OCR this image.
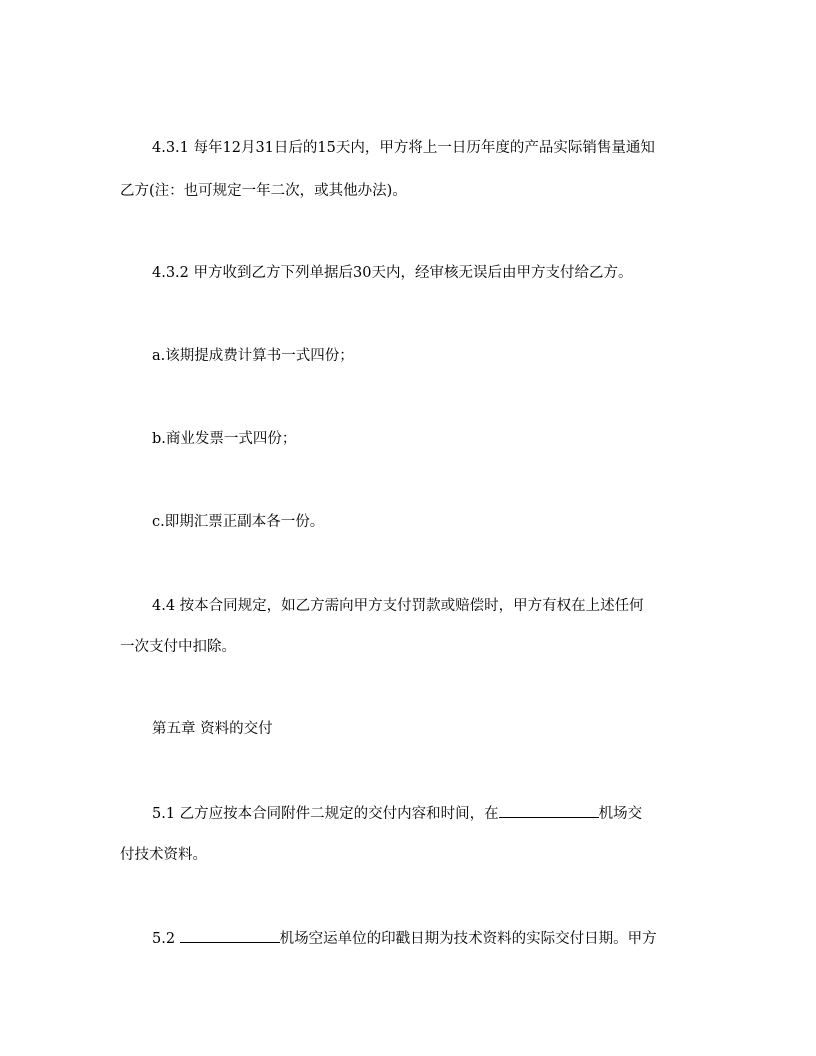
4.3.1 每年12月31日后的15天内，甲方将上一日历年度的产品实际销售量通知
乙方(注：也可规定一年二次，或其他办法)。
4.3.2 甲方收到乙方下列单据后30天内，经审核无误后由甲方支付给乙方。
a.该期提成费计算书一式四份；
b.商业发票一式四份；
c.即期汇票正副本各一份。
4.4 按本合同规定，如乙方需向甲方支付罚款或赔偿时，甲方有权在上述任何
一次支付中扣除。
第五章 资料的交付
5.1 乙方应按本合同附件二规定的交付内容和时间，在	机场交
付技术资料。
5.2	机场空运单位的印戳日期为技术资料的实际交付日期。甲方
